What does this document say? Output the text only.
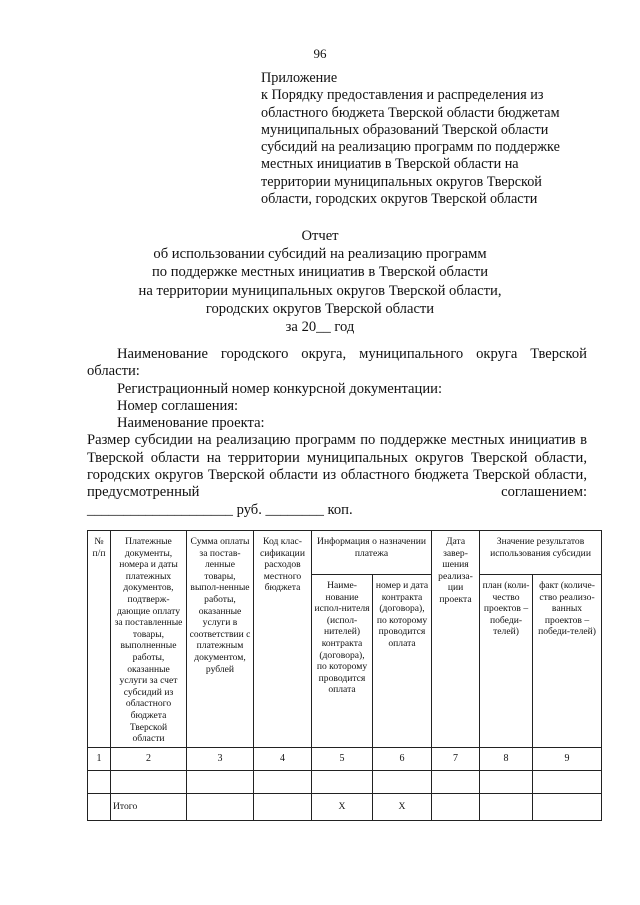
96
Приложение
к Порядку предоставления и распределения из
областного бюджета Тверской области бюджетам
муниципальных образований Тверской области
субсидий на реализацию программ по поддержке
местных инициатив в Тверской области на
территории муниципальных округов Тверской
области, городских округов Тверской области
Отчет
об использовании субсидий на реализацию программ
по поддержке местных инициатив в Тверской области
на территории муниципальных округов Тверской области,
городских округов Тверской области
за 20__ год
Наименование городского округа, муниципального округа Тверской области:
Регистрационный номер конкурсной документации:
Номер соглашения:
Наименование проекта:
Размер субсидии на реализацию программ по поддержке местных инициатив в Тверской области на территории муниципальных округов Тверской области, городских округов Тверской области из областного бюджета Тверской области, предусмотренный соглашением:
____________________ руб. ________ коп.
№ п/п	Платежные документы, номера и даты платежных документов, подтверж-дающие оплату за поставленные товары, выполненные работы, оказанные услуги за счет субсидий из областного бюджета Тверской области	Сумма оплаты за постав-ленные товары, выпол-ненные работы, оказанные услуги в соответствии с платежным документом, рублей	Код клас-сификации расходов местного бюджета	Информация о назначении платежа		Дата завер-шения реализа-ции проекта	Значение результатов использования субсидии	
				Наиме-нование испол-нителя (испол-нителей) контракта (договора), по которому проводится оплата	номер и дата контракта (договора), по которому проводится оплата		план (коли-чество проектов – победи-телей)	факт (количе-ство реализо-ванных проектов – победи-телей)
1	2	3	4	5	6	7	8	9

	Итого			X	X			
